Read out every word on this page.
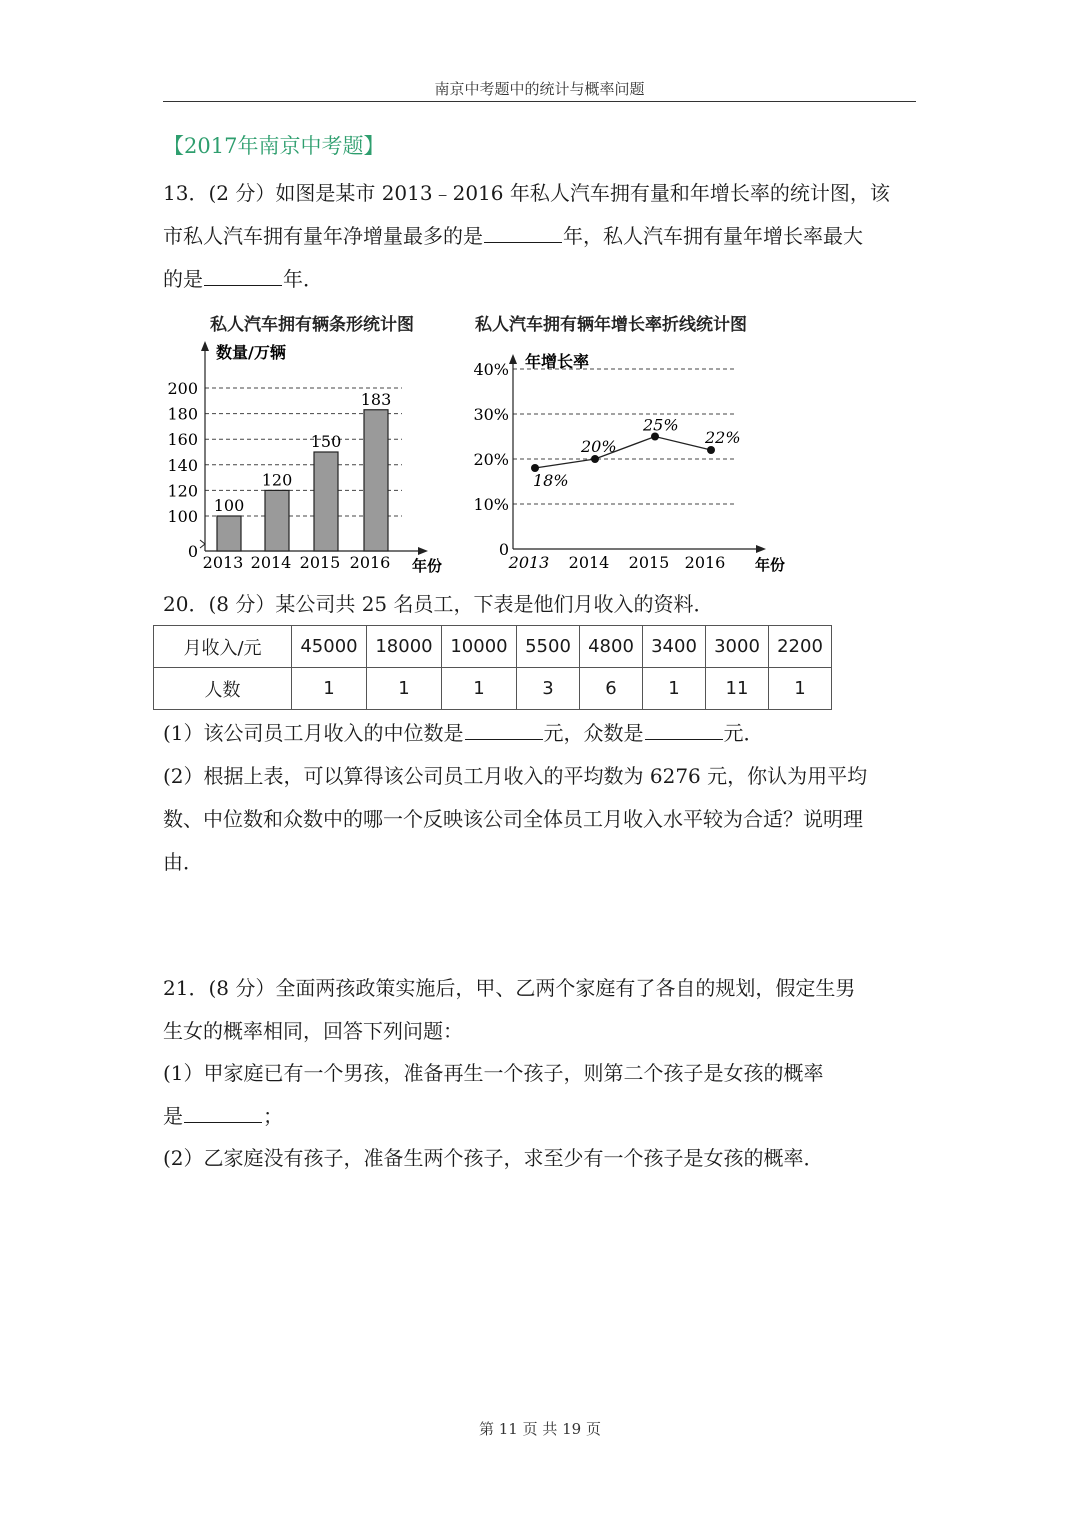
南京中考题中的统计与概率问题
【2017年南京中考题】
13．(2 分）如图是某市 2013﹣2016 年私人汽车拥有量和年增长率的统计图，该
市私人汽车拥有量年净增量最多的是	年，私人汽车拥有量年增长率最大
的是	年．
私人汽车拥有辆条形统计图	私人汽车拥有辆年增长率折线统计图
数量/万辆
年份
0
100
120
140
160
180
200
2013 2014 2015 2016
100
120
150
183
年增长率
年份
0
10%
20%
30%
40%
2013 2014 2015 2016
18%
20%
25%
22%
20．(8 分）某公司共 25 名员工，下表是他们月收入的资料．
月收入/元	45000	18000	10000	5500	4800	3400	3000	2200
人数	1	1	1	3	6	1	11	1
(1）该公司员工月收入的中位数是	元，众数是	元．
(2）根据上表，可以算得该公司员工月收入的平均数为 6276 元，你认为用平均
数、中位数和众数中的哪一个反映该公司全体员工月收入水平较为合适？说明理
由．
21．(8 分）全面两孩政策实施后，甲、乙两个家庭有了各自的规划，假定生男
生女的概率相同，回答下列问题：
(1）甲家庭已有一个男孩，准备再生一个孩子，则第二个孩子是女孩的概率
是	；
(2）乙家庭没有孩子，准备生两个孩子，求至少有一个孩子是女孩的概率．
第 11 页 共 19 页
